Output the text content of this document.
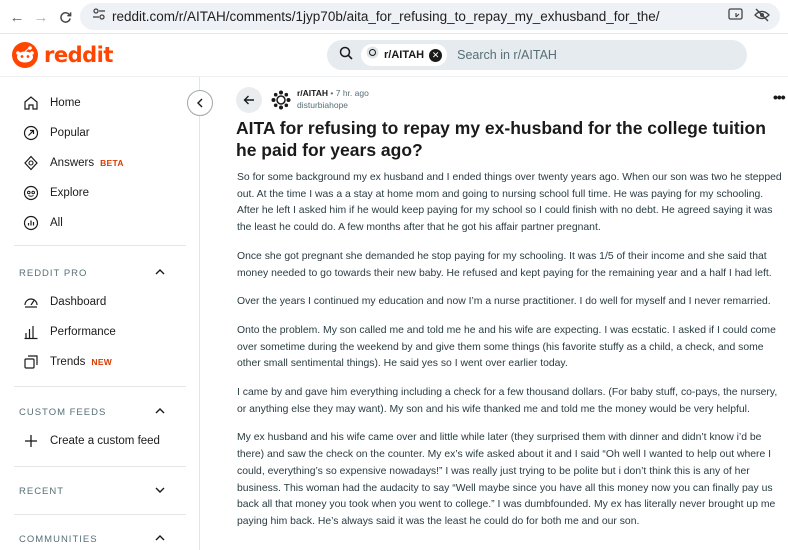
← →	reddit.com/r/AITAH/comments/1jyp70b/aita_for_refusing_to_repay_my_exhusband_for_the/
reddit	r/AITAH ✕ Search in r/AITAH
Home
Popular
Answers BETA
Explore
All
REDDIT PRO
Dashboard
Performance
Trends NEW
CUSTOM FEEDS
Create a custom feed
RECENT
COMMUNITIES
r/AITAH • 7 hr. ago
disturbiahope	•••
AITA for refusing to repay my ex-husband for the college tuition he paid for years ago?

So for some background my ex husband and I ended things over twenty years ago. When our son was two he stepped out. At the time I was a a stay at home mom and going to nursing school full time. He was paying for my schooling. After he left I asked him if he would keep paying for my school so I could finish with no debt. He agreed saying it was the least he could do. A few months after that he got his affair partner pregnant.

Once she got pregnant she demanded he stop paying for my schooling. It was 1/5 of their income and she said that money needed to go towards their new baby. He refused and kept paying for the remaining year and a half I had left.

Over the years I continued my education and now I’m a nurse practitioner. I do well for myself and I never remarried.

Onto the problem. My son called me and told me he and his wife are expecting. I was ecstatic. I asked if I could come over sometime during the weekend by and give them some things (his favorite stuffy as a child, a check, and some other small sentimental things). He said yes so I went over earlier today.

I came by and gave him everything including a check for a few thousand dollars. (For baby stuff, co-pays, the nursery, or anything else they may want). My son and his wife thanked me and told me the money would be very helpful.

My ex husband and his wife came over and little while later (they surprised them with dinner and didn’t know i’d be there) and saw the check on the counter. My ex’s wife asked about it and I said “Oh well I wanted to help out where I could, everything’s so expensive nowadays!” I was really just trying to be polite but i don’t think this is any of her business. This woman had the audacity to say “Well maybe since you have all this money now you can finally pay us back all that money you took when you went to college.” I was dumbfounded. My ex has literally never brought up me paying him back. He’s always said it was the least he could do for both me and our son.
